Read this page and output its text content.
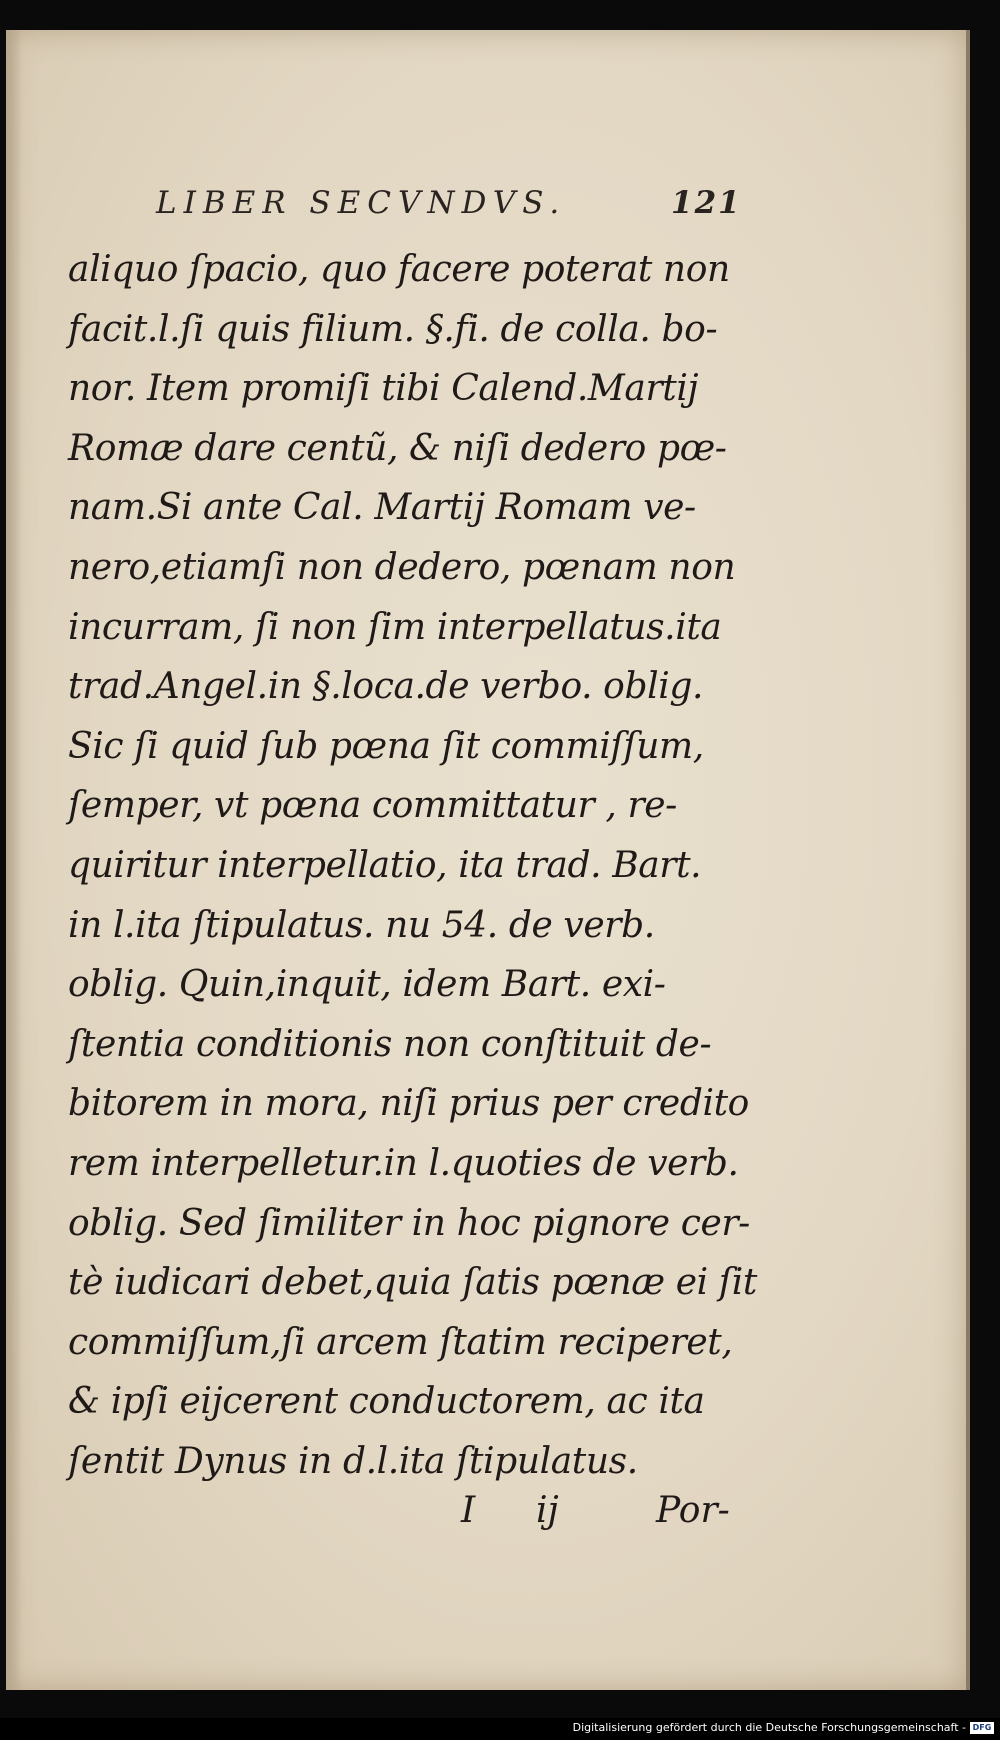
LIBER SECVNDVS.	121
aliquo ſpacio, quo facere poterat non
facit.l.ſi quis filium. §.fi. de colla. bo-
nor. Item promiſi tibi Calend.Martij
Romæ dare centũ, & niſi dedero pœ-
nam.Si ante Cal. Martij Romam ve-
nero,etiamſi non dedero, pœnam non
incurram, ſi non ſim interpellatus.ita
trad.Angel.in §.loca.de verbo. oblig.
Sic ſi quid ſub pœna ſit commiſſum,
ſemper, vt pœna committatur , re-
quiritur interpellatio, ita trad. Bart.
in l.ita ſtipulatus. nu 54. de verb.
oblig. Quin,inquit, idem Bart. exi-
ſtentia conditionis non conſtituit de-
bitorem in mora, niſi prius per credito
rem interpelletur.in l.quoties de verb.
oblig. Sed ſimiliter in hoc pignore cer-
tè iudicari debet,quia ſatis pœnæ ei ſit
commiſſum,ſi arcem ſtatim reciperet,
& ipſi eijcerent conductorem, ac ita
ſentit Dynus in d.l.ita ſtipulatus.
I ij	Por-
Digitalisierung gefördert durch die Deutsche Forschungsgemeinschaft - DFG
